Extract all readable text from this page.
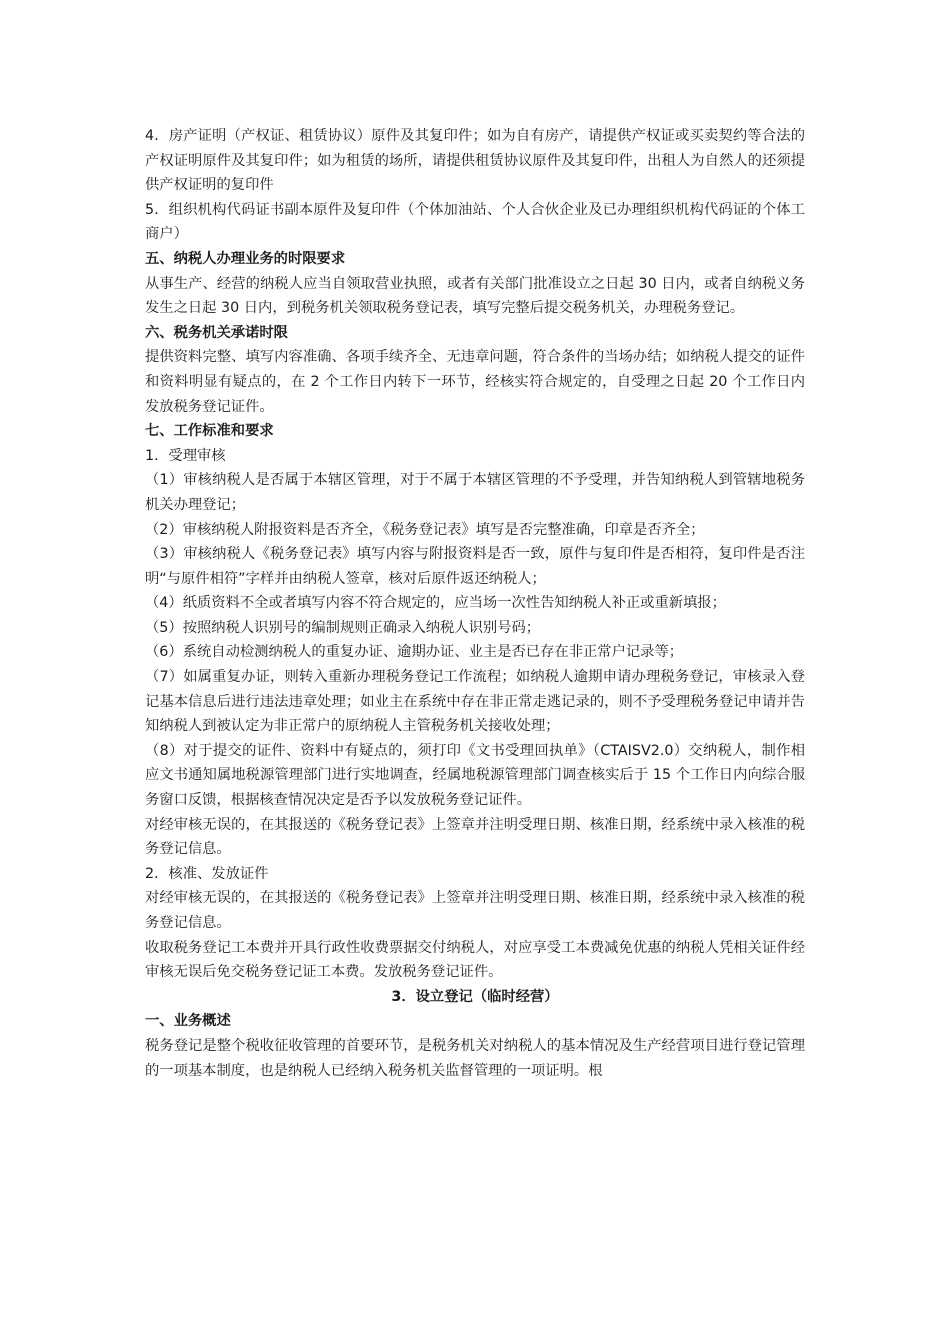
4．房产证明（产权证、租赁协议）原件及其复印件；如为自有房产，请提供产权证或买卖契约等合法的产权证明原件及其复印件；如为租赁的场所，请提供租赁协议原件及其复印件，出租人为自然人的还须提供产权证明的复印件

5．组织机构代码证书副本原件及复印件（个体加油站、个人合伙企业及已办理组织机构代码证的个体工商户）

五、纳税人办理业务的时限要求

从事生产、经营的纳税人应当自领取营业执照，或者有关部门批准设立之日起 30 日内，或者自纳税义务发生之日起 30 日内，到税务机关领取税务登记表，填写完整后提交税务机关，办理税务登记。

六、税务机关承诺时限

提供资料完整、填写内容准确、各项手续齐全、无违章问题，符合条件的当场办结；如纳税人提交的证件和资料明显有疑点的，在 2 个工作日内转下一环节，经核实符合规定的，自受理之日起 20 个工作日内发放税务登记证件。

七、工作标准和要求

1．受理审核

（1）审核纳税人是否属于本辖区管理，对于不属于本辖区管理的不予受理，并告知纳税人到管辖地税务机关办理登记；

（2）审核纳税人附报资料是否齐全，《税务登记表》填写是否完整准确，印章是否齐全；

（3）审核纳税人《税务登记表》填写内容与附报资料是否一致，原件与复印件是否相符，复印件是否注明“与原件相符”字样并由纳税人签章，核对后原件返还纳税人；

（4）纸质资料不全或者填写内容不符合规定的，应当场一次性告知纳税人补正或重新填报；

（5）按照纳税人识别号的编制规则正确录入纳税人识别号码；

（6）系统自动检测纳税人的重复办证、逾期办证、业主是否已存在非正常户记录等；

（7）如属重复办证，则转入重新办理税务登记工作流程；如纳税人逾期申请办理税务登记，审核录入登记基本信息后进行违法违章处理；如业主在系统中存在非正常走逃记录的，则不予受理税务登记申请并告知纳税人到被认定为非正常户的原纳税人主管税务机关接收处理；

（8）对于提交的证件、资料中有疑点的，须打印《文书受理回执单》（CTAISV2.0）交纳税人，制作相应文书通知属地税源管理部门进行实地调查，经属地税源管理部门调查核实后于 15 个工作日内向综合服务窗口反馈，根据核查情况决定是否予以发放税务登记证件。

对经审核无误的，在其报送的《税务登记表》上签章并注明受理日期、核准日期，经系统中录入核准的税务登记信息。

2．核准、发放证件

对经审核无误的，在其报送的《税务登记表》上签章并注明受理日期、核准日期，经系统中录入核准的税务登记信息。

收取税务登记工本费并开具行政性收费票据交付纳税人，对应享受工本费减免优惠的纳税人凭相关证件经审核无误后免交税务登记证工本费。发放税务登记证件。

3．设立登记（临时经营）

一、业务概述

税务登记是整个税收征收管理的首要环节，是税务机关对纳税人的基本情况及生产经营项目进行登记管理的一项基本制度，也是纳税人已经纳入税务机关监督管理的一项证明。根
